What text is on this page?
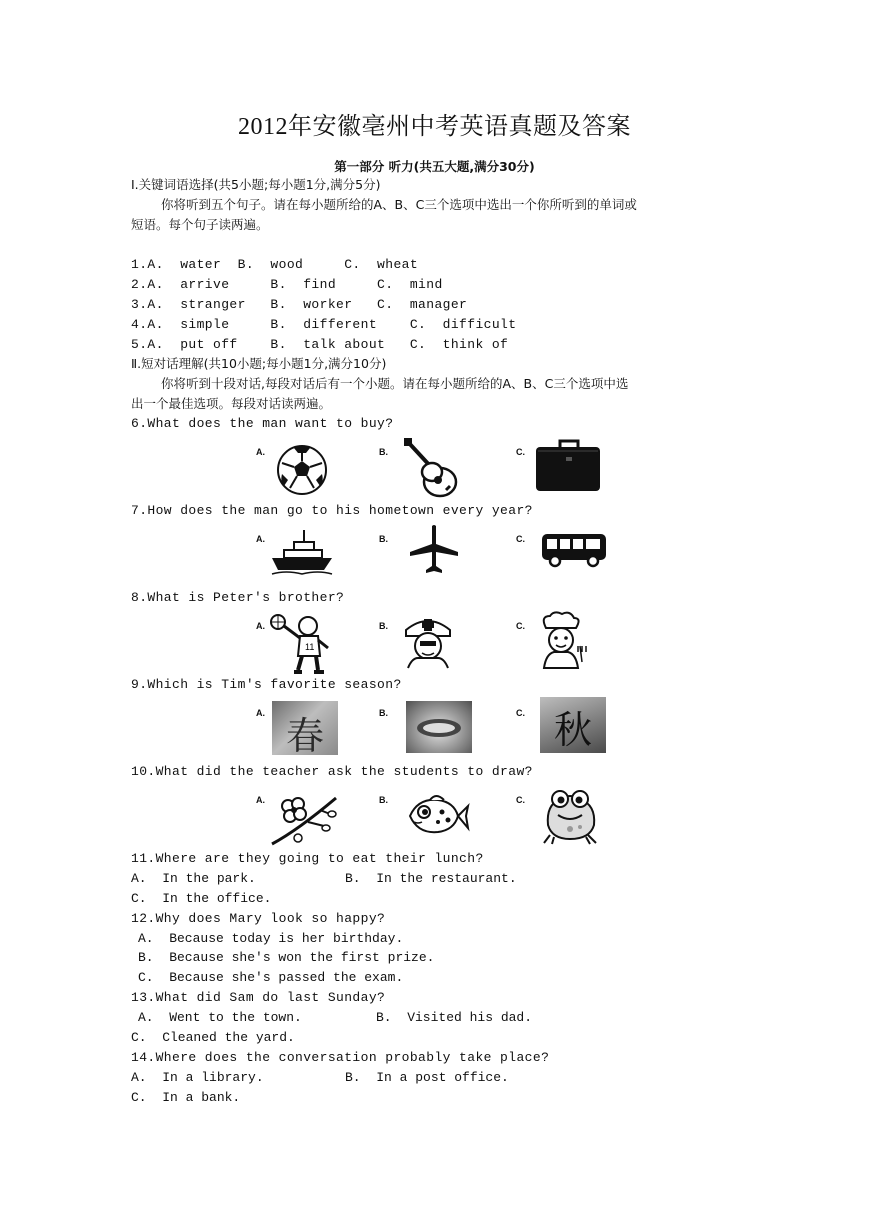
2012年安徽亳州中考英语真题及答案
第一部分 听力(共五大题,满分30分)
Ⅰ.关键词语选择(共5小题;每小题1分,满分5分)
你将听到五个句子。请在每小题所给的A、B、C三个选项中选出一个你所听到的单词或
短语。每个句子读两遍。
1.A.  water  B.  wood     C.  wheat
2.A.  arrive     B.  find     C.  mind
3.A.  stranger   B.  worker   C.  manager
4.A.  simple     B.  different    C.  difficult
5.A.  put off    B.  talk about   C.  think of
Ⅱ.短对话理解(共10小题;每小题1分,满分10分)
你将听到十段对话,每段对话后有一个小题。请在每小题所给的A、B、C三个选项中选
出一个最佳选项。每段对话读两遍。
6.What does the man want to buy?
A.	B.	C.
7.How does the man go to his hometown every year?
A.	B.	C.
8.What is Peter's brother?
A.	B.	C.
11
9.Which is Tim's favorite season?
A.	B.	C.
春	秋
10.What did the teacher ask the students to draw?
A.	B.	C.
11.Where are they going to eat their lunch?
A.  In the park.	B.  In the restaurant.
C.  In the office.
12.Why does Mary look so happy?
A.  Because today is her birthday.
B.  Because she's won the first prize.
C.  Because she's passed the exam.
13.What did Sam do last Sunday?
A.  Went to the town.	B.  Visited his dad.
C.  Cleaned the yard.
14.Where does the conversation probably take place?
A.  In a library.	B.  In a post office.
C.  In a bank.
